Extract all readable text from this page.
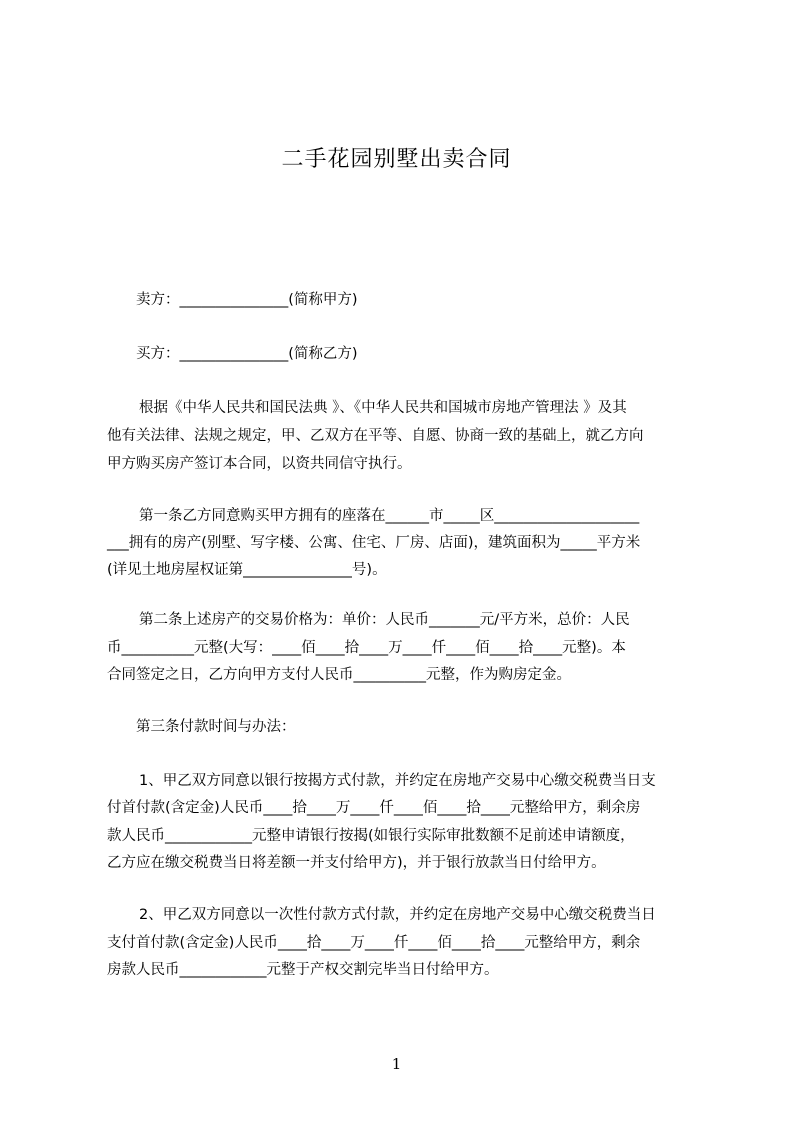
二手花园别墅出卖合同
卖方：_______________(简称甲方)
买方：_______________(简称乙方)
根据《中华人民共和国民法典 》、《中华人民共和国城市房地产管理法 》及其
他有关法律、法规之规定，甲、乙双方在平等、自愿、协商一致的基础上，就乙方向
甲方购买房产签订本合同，以资共同信守执行。
第一条乙方同意购买甲方拥有的座落在______市_____区____________________
___拥有的房产(别墅、写字楼、公寓、住宅、厂房、店面)，建筑面积为_____平方米
(详见土地房屋权证第_______________号)。
第二条上述房产的交易价格为：单价：人民币_______元/平方米，总价：人民
币__________元整(大写：____佰____拾____万____仟____佰____拾____元整)。本
合同签定之日，乙方向甲方支付人民币__________元整，作为购房定金。
第三条付款时间与办法：
1、甲乙双方同意以银行按揭方式付款，并约定在房地产交易中心缴交税费当日支
付首付款(含定金)人民币____拾____万____仟____佰____拾____元整给甲方，剩余房
款人民币____________元整申请银行按揭(如银行实际审批数额不足前述申请额度，
乙方应在缴交税费当日将差额一并支付给甲方)，并于银行放款当日付给甲方。
2、甲乙双方同意以一次性付款方式付款，并约定在房地产交易中心缴交税费当日
支付首付款(含定金)人民币____拾____万____仟____佰____拾____元整给甲方，剩余
房款人民币____________元整于产权交割完毕当日付给甲方。
1
